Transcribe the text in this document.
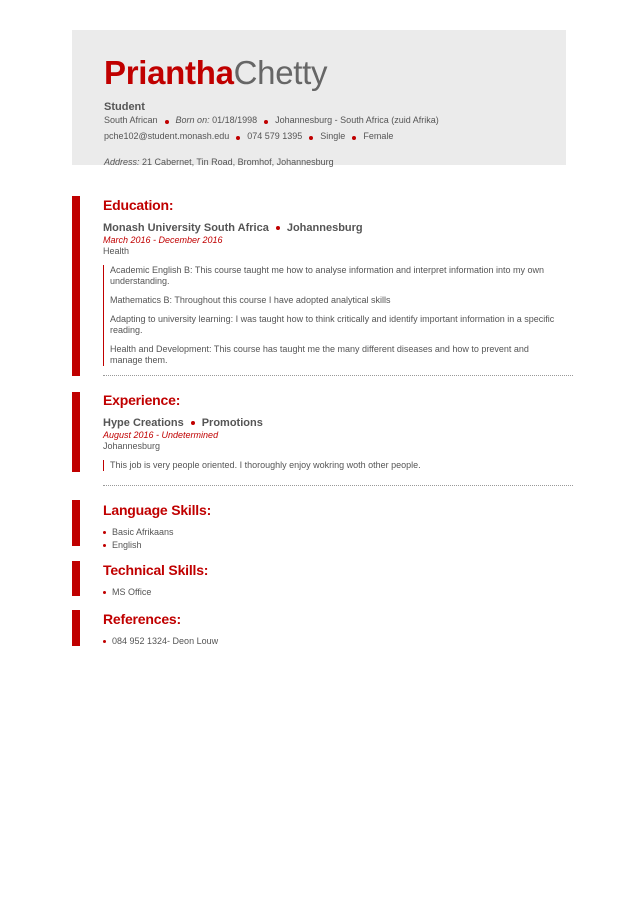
PrianthaChetty
Student
South African Born on: 01/18/1998 Johannesburg - South Africa (zuid Afrika)
pche102@student.monash.edu 074 579 1395 Single Female
Address: 21 Cabernet, Tin Road, Bromhof, Johannesburg
Education:
Monash University South Africa Johannesburg
March 2016 - December 2016
Health

Academic English B: This course taught me how to analyse information and interpret information into my own understanding.

Mathematics B: Throughout this course I have adopted analytical skills

Adapting to university learning: I was taught how to think critically and identify important information in a specific reading.

Health and Development: This course has taught me the many different diseases and how to prevent and manage them.

Experience:
Hype Creations Promotions
August 2016 - Undetermined
Johannesburg

This job is very people oriented. I thoroughly enjoy wokring woth other people.

Language Skills:
Basic Afrikaans
English
Technical Skills:
MS Office
References:
084 952 1324- Deon Louw
